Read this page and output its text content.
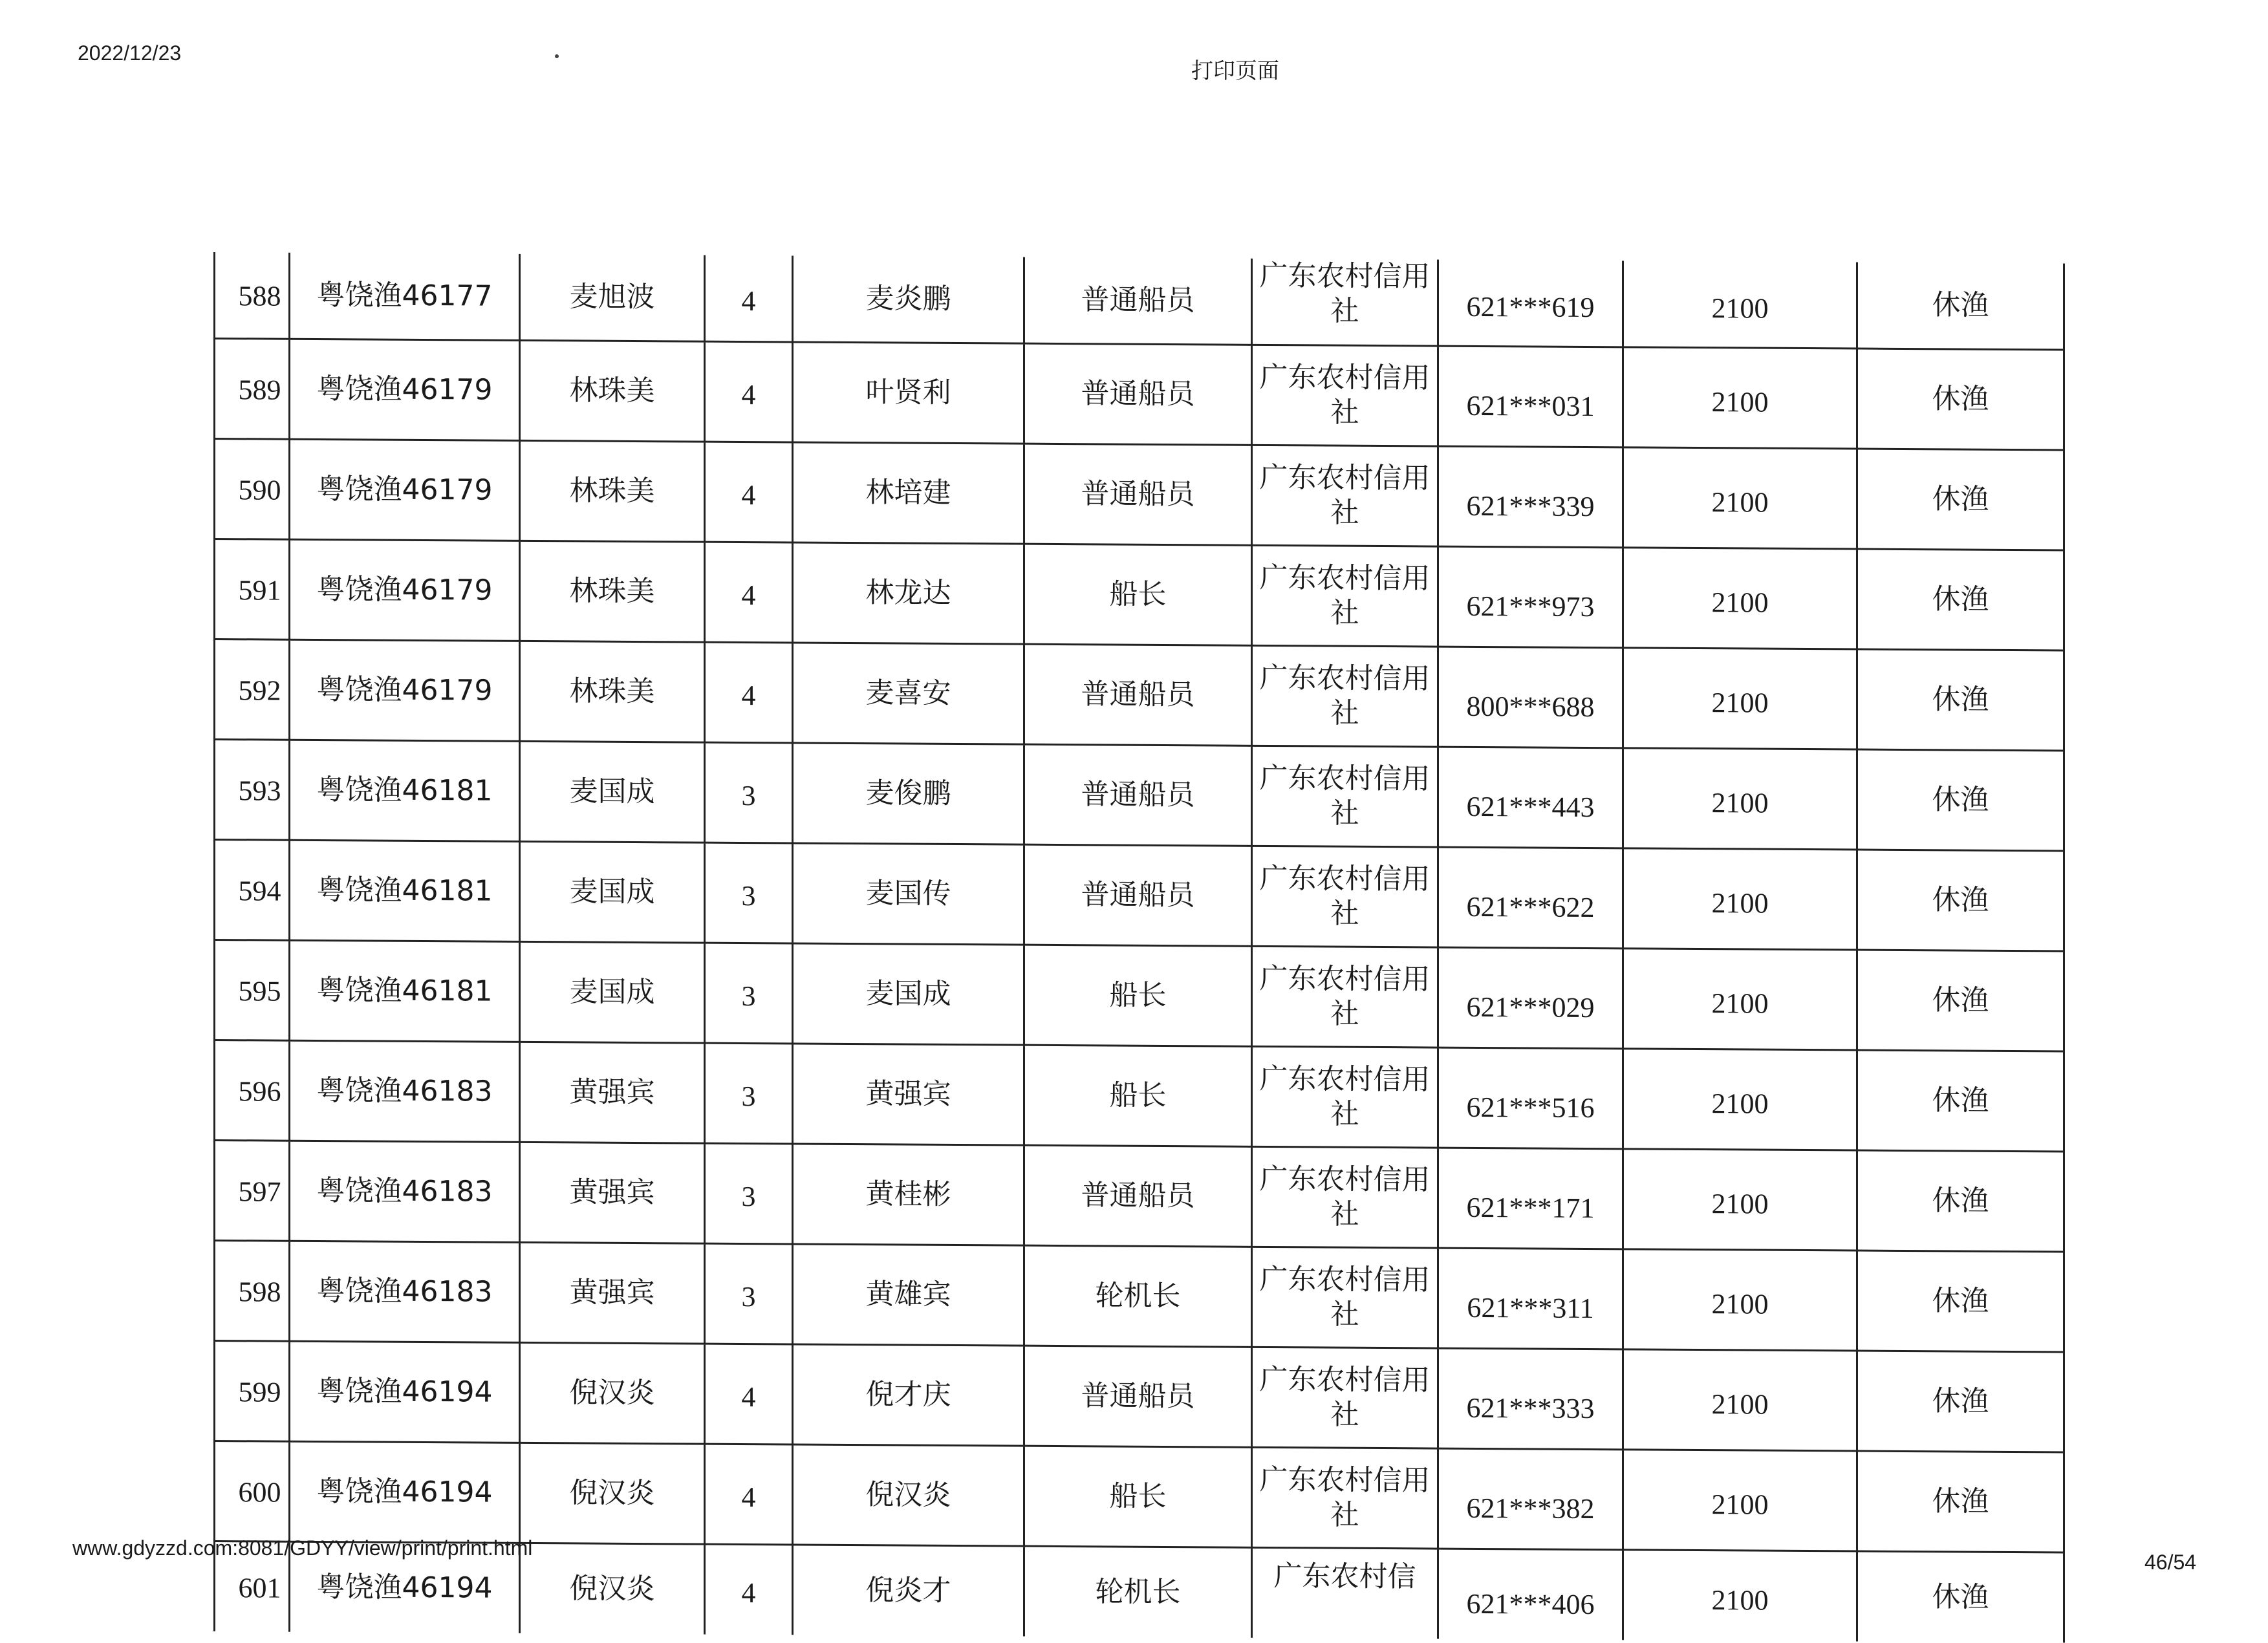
2022/12/23
打印页面
588	粤饶渔46177	麦旭波	4	麦炎鹏	普通船员	广东农村信用社	621***619	2100	休渔
589	粤饶渔46179	林珠美	4	叶贤利	普通船员	广东农村信用社	621***031	2100	休渔
590	粤饶渔46179	林珠美	4	林培建	普通船员	广东农村信用社	621***339	2100	休渔
591	粤饶渔46179	林珠美	4	林龙达	船长	广东农村信用社	621***973	2100	休渔
592	粤饶渔46179	林珠美	4	麦喜安	普通船员	广东农村信用社	800***688	2100	休渔
593	粤饶渔46181	麦国成	3	麦俊鹏	普通船员	广东农村信用社	621***443	2100	休渔
594	粤饶渔46181	麦国成	3	麦国传	普通船员	广东农村信用社	621***622	2100	休渔
595	粤饶渔46181	麦国成	3	麦国成	船长	广东农村信用社	621***029	2100	休渔
596	粤饶渔46183	黄强宾	3	黄强宾	船长	广东农村信用社	621***516	2100	休渔
597	粤饶渔46183	黄强宾	3	黄桂彬	普通船员	广东农村信用社	621***171	2100	休渔
598	粤饶渔46183	黄强宾	3	黄雄宾	轮机长	广东农村信用社	621***311	2100	休渔
599	粤饶渔46194	倪汉炎	4	倪才庆	普通船员	广东农村信用社	621***333	2100	休渔
600	粤饶渔46194	倪汉炎	4	倪汉炎	船长	广东农村信用社	621***382	2100	休渔
601	粤饶渔46194	倪汉炎	4	倪炎才	轮机长	广东农村信	621***406	2100	休渔
www.gdyzzd.com:8081/GDYY/view/print/print.html
46/54
